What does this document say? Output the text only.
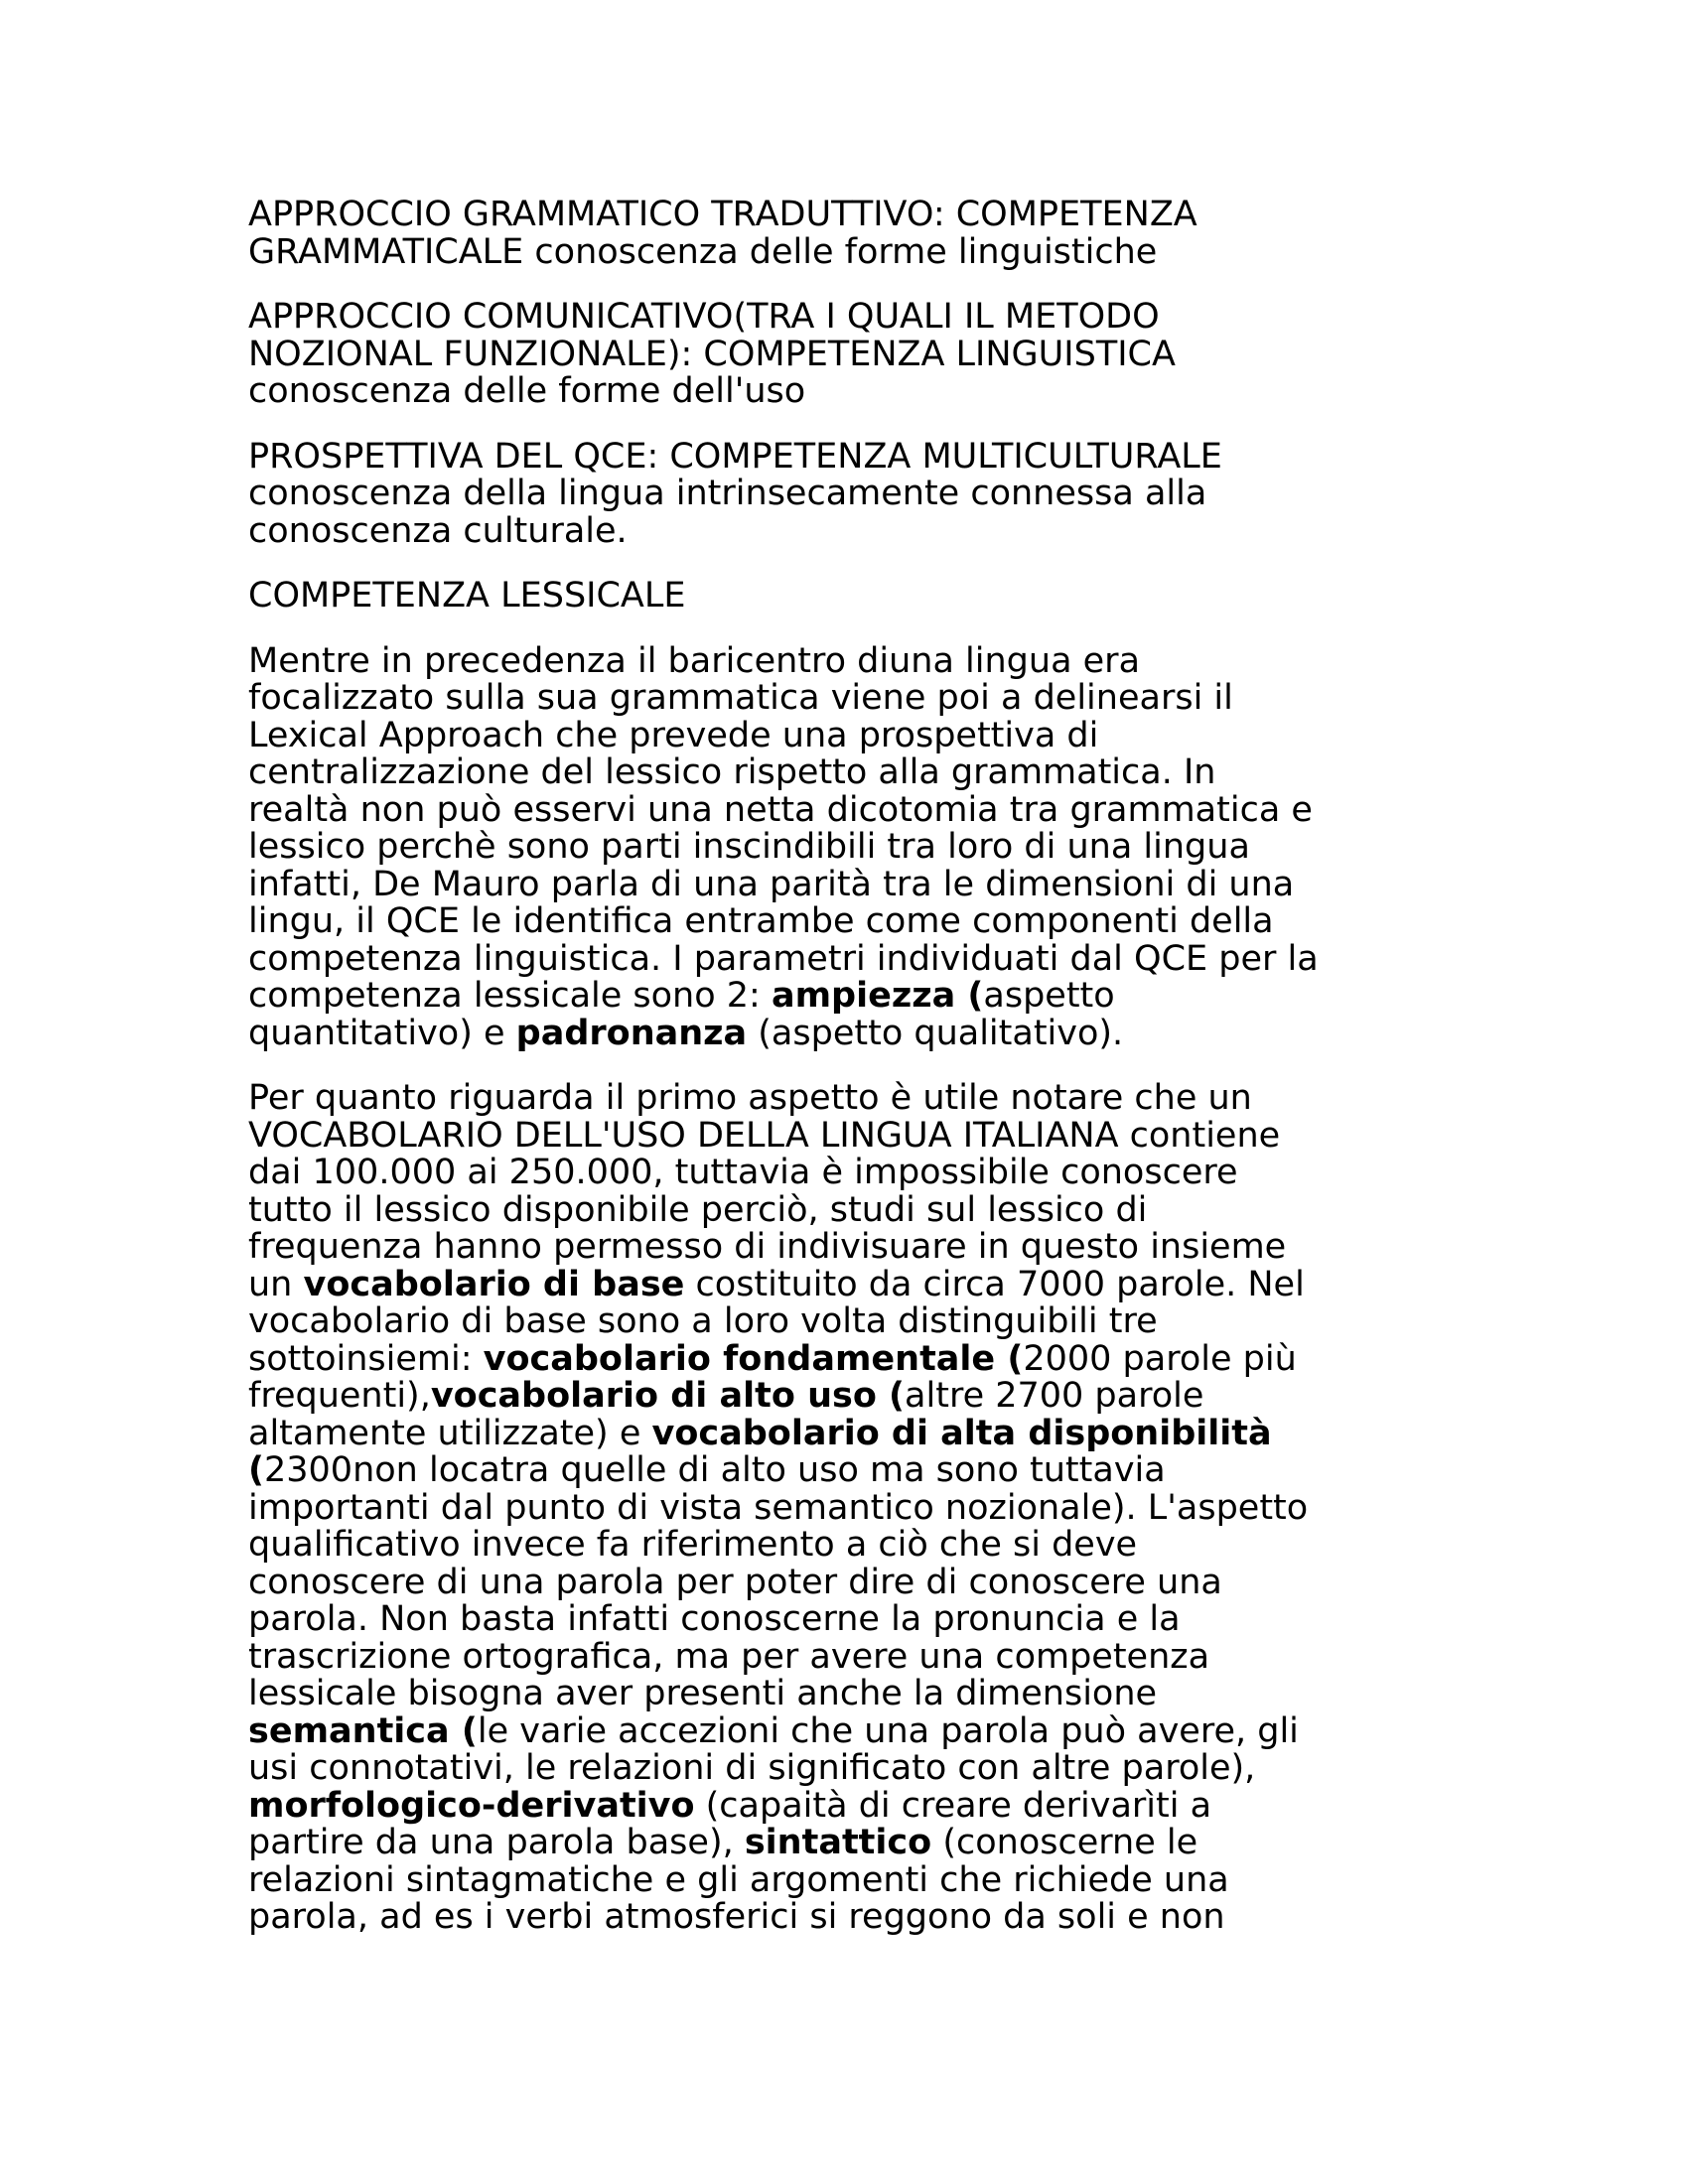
APPROCCIO GRAMMATICO TRADUTTIVO: COMPETENZA
GRAMMATICALE conoscenza delle forme linguistiche

APPROCCIO COMUNICATIVO(TRA I QUALI IL METODO
NOZIONAL FUNZIONALE): COMPETENZA LINGUISTICA
conoscenza delle forme dell'uso

PROSPETTIVA DEL QCE: COMPETENZA MULTICULTURALE
conoscenza della lingua intrinsecamente connessa alla
conoscenza culturale.

COMPETENZA LESSICALE

Mentre in precedenza il baricentro diuna lingua era
focalizzato sulla sua grammatica viene poi a delinearsi il
Lexical Approach che prevede una prospettiva di
centralizzazione del lessico rispetto alla grammatica. In
realtà non può esservi una netta dicotomia tra grammatica e
lessico perchè sono parti inscindibili tra loro di una lingua
infatti, De Mauro parla di una parità tra le dimensioni di una
lingu, il QCE le identifica entrambe come componenti della
competenza linguistica. I parametri individuati dal QCE per la
competenza lessicale sono 2: ampiezza (aspetto
quantitativo) e padronanza (aspetto qualitativo).

Per quanto riguarda il primo aspetto è utile notare che un
VOCABOLARIO DELL'USO DELLA LINGUA ITALIANA contiene
dai 100.000 ai 250.000, tuttavia è impossibile conoscere
tutto il lessico disponibile perciò, studi sul lessico di
frequenza hanno permesso di indivisuare in questo insieme
un vocabolario di base costituito da circa 7000 parole. Nel
vocabolario di base sono a loro volta distinguibili tre
sottoinsiemi: vocabolario fondamentale (2000 parole più
frequenti),vocabolario di alto uso (altre 2700 parole
altamente utilizzate) e vocabolario di alta disponibilità
(2300non locatra quelle di alto uso ma sono tuttavia
importanti dal punto di vista semantico nozionale). L'aspetto
qualificativo invece fa riferimento a ciò che si deve
conoscere di una parola per poter dire di conoscere una
parola. Non basta infatti conoscerne la pronuncia e la
trascrizione ortografica, ma per avere una competenza
lessicale bisogna aver presenti anche la dimensione
semantica (le varie accezioni che una parola può avere, gli
usi connotativi, le relazioni di significato con altre parole),
morfologico-derivativo (capaità di creare derivarìti a
partire da una parola base), sintattico (conoscerne le
relazioni sintagmatiche e gli argomenti che richiede una
parola, ad es i verbi atmosferici si reggono da soli e non
